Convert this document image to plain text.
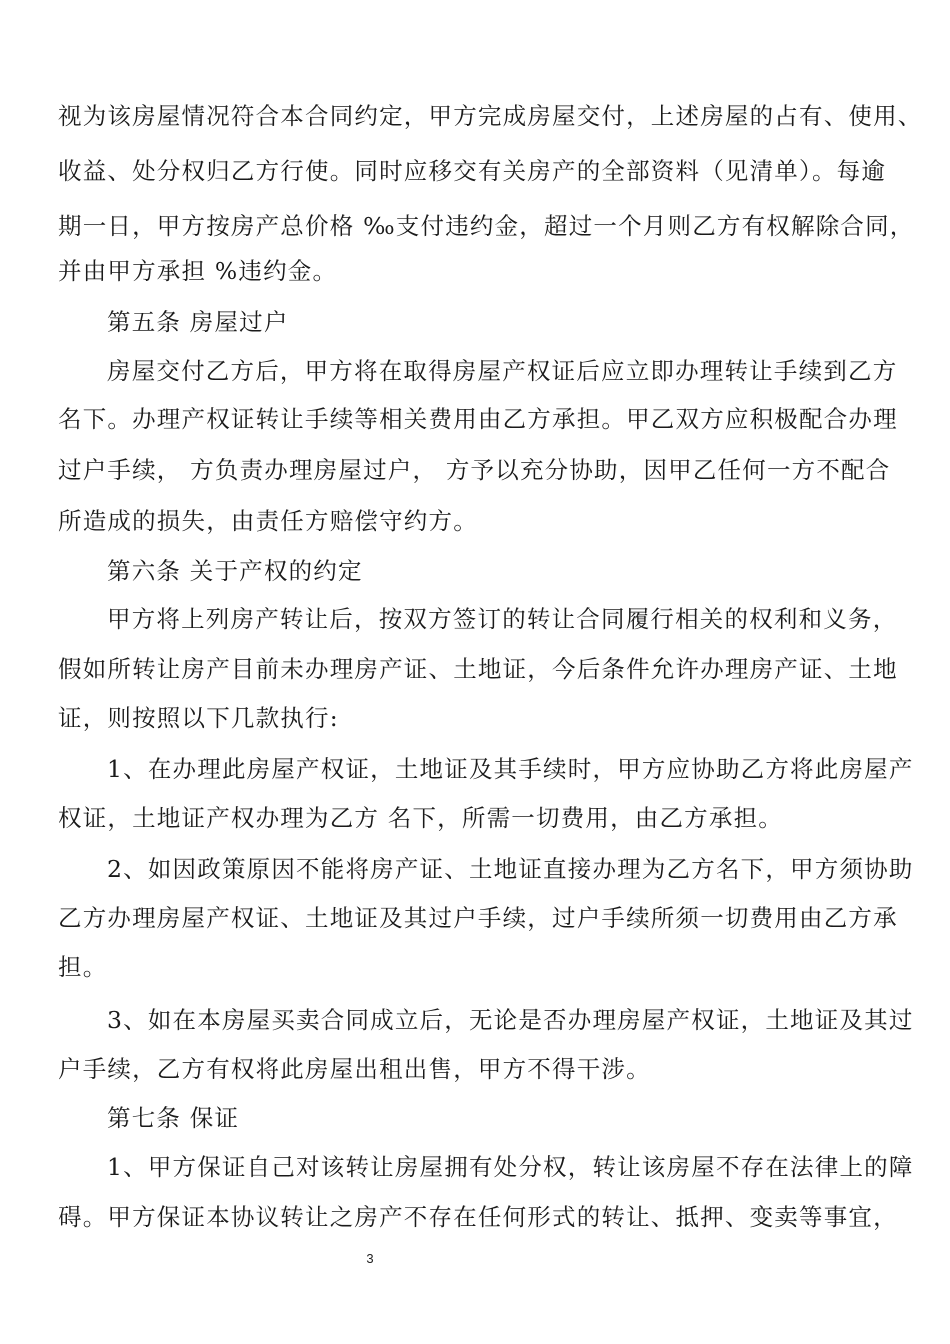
视为该房屋情况符合本合同约定，甲方完成房屋交付，上述房屋的占有、使用、
收益、处分权归乙方行使。同时应移交有关房产的全部资料（见清单）。每逾
期一日，甲方按房产总价格 ‰支付违约金，超过一个月则乙方有权解除合同，
并由甲方承担 %违约金。
第五条 房屋过户
房屋交付乙方后，甲方将在取得房屋产权证后应立即办理转让手续到乙方
名下。办理产权证转让手续等相关费用由乙方承担。甲乙双方应积极配合办理
过户手续， 方负责办理房屋过户， 方予以充分协助，因甲乙任何一方不配合
所造成的损失，由责任方赔偿守约方。
第六条 关于产权的约定
甲方将上列房产转让后，按双方签订的转让合同履行相关的权利和义务，
假如所转让房产目前未办理房产证、土地证，今后条件允许办理房产证、土地
证，则按照以下几款执行:
1、在办理此房屋产权证，土地证及其手续时，甲方应协助乙方将此房屋产
权证，土地证产权办理为乙方 名下，所需一切费用，由乙方承担。
2、如因政策原因不能将房产证、土地证直接办理为乙方名下，甲方须协助
乙方办理房屋产权证、土地证及其过户手续，过户手续所须一切费用由乙方承
担。
3、如在本房屋买卖合同成立后，无论是否办理房屋产权证，土地证及其过
户手续，乙方有权将此房屋出租出售，甲方不得干涉。
第七条 保证
1、甲方保证自己对该转让房屋拥有处分权，转让该房屋不存在法律上的障
碍。甲方保证本协议转让之房产不存在任何形式的转让、抵押、变卖等事宜，
3
